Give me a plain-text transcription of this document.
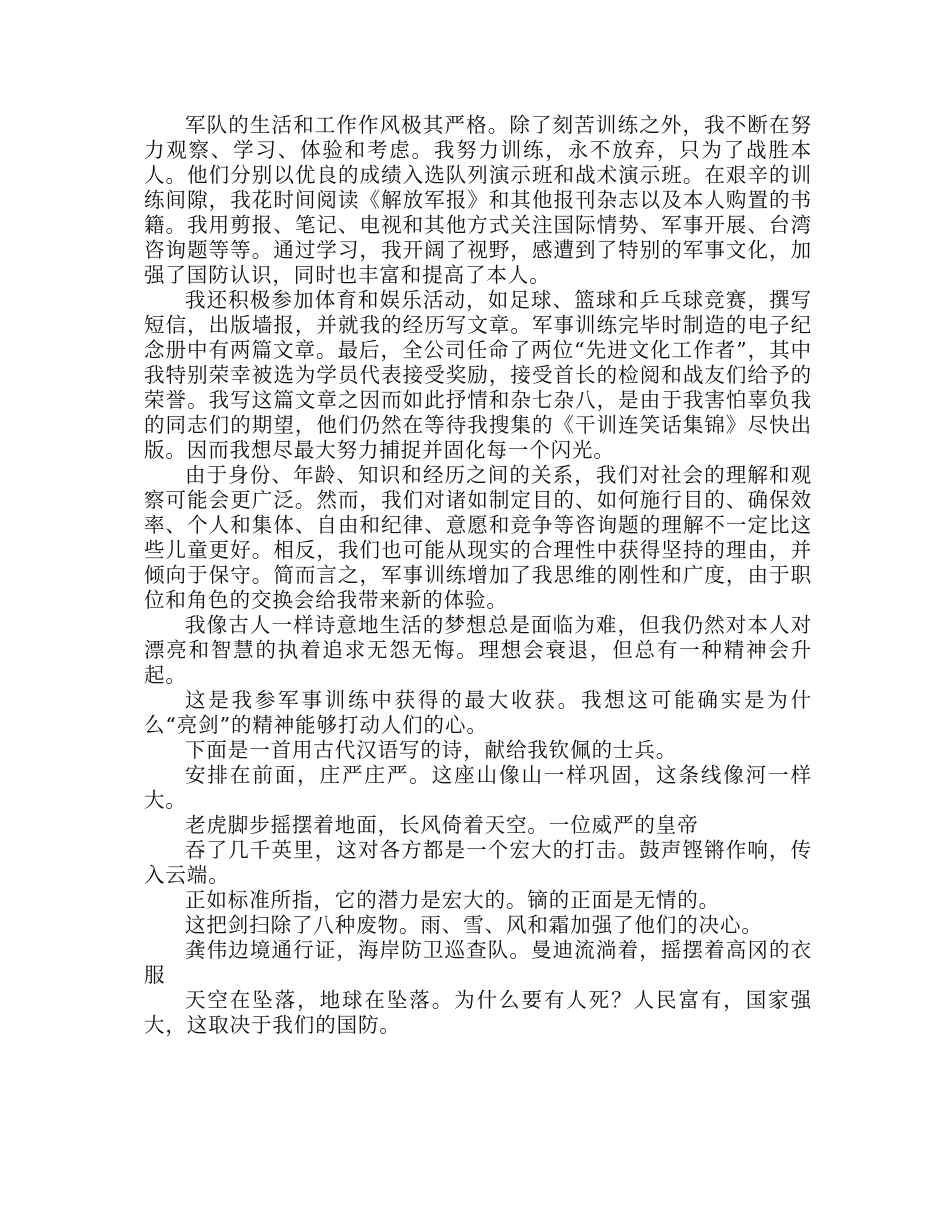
军队的生活和工作作风极其严格。除了刻苦训练之外，我不断在努力观察、学习、体验和考虑。我努力训练，永不放弃，只为了战胜本人。他们分别以优良的成绩入选队列演示班和战术演示班。在艰辛的训练间隙，我花时间阅读《解放军报》和其他报刊杂志以及本人购置的书籍。我用剪报、笔记、电视和其他方式关注国际情势、军事开展、台湾咨询题等等。通过学习，我开阔了视野，感遭到了特别的军事文化，加强了国防认识，同时也丰富和提高了本人。

我还积极参加体育和娱乐活动，如足球、篮球和乒乓球竞赛，撰写短信，出版墙报，并就我的经历写文章。军事训练完毕时制造的电子纪念册中有两篇文章。最后，全公司任命了两位“先进文化工作者”，其中我特别荣幸被选为学员代表接受奖励，接受首长的检阅和战友们给予的荣誉。我写这篇文章之因而如此抒情和杂七杂八，是由于我害怕辜负我的同志们的期望，他们仍然在等待我搜集的《干训连笑话集锦》尽快出版。因而我想尽最大努力捕捉并固化每一个闪光。

由于身份、年龄、知识和经历之间的关系，我们对社会的理解和观察可能会更广泛。然而，我们对诸如制定目的、如何施行目的、确保效率、个人和集体、自由和纪律、意愿和竞争等咨询题的理解不一定比这些儿童更好。相反，我们也可能从现实的合理性中获得坚持的理由，并倾向于保守。简而言之，军事训练增加了我思维的刚性和广度，由于职位和角色的交换会给我带来新的体验。

我像古人一样诗意地生活的梦想总是面临为难，但我仍然对本人对漂亮和智慧的执着追求无怨无悔。理想会衰退，但总有一种精神会升起。

这是我参军事训练中获得的最大收获。我想这可能确实是为什么“亮剑”的精神能够打动人们的心。

下面是一首用古代汉语写的诗，献给我钦佩的士兵。

安排在前面，庄严庄严。这座山像山一样巩固，这条线像河一样大。

老虎脚步摇摆着地面，长风倚着天空。一位威严的皇帝

吞了几千英里，这对各方都是一个宏大的打击。鼓声铿锵作响，传入云端。

正如标准所指，它的潜力是宏大的。镝的正面是无情的。

这把剑扫除了八种废物。雨、雪、风和霜加强了他们的决心。

龚伟边境通行证，海岸防卫巡查队。曼迪流淌着，摇摆着高冈的衣服

天空在坠落，地球在坠落。为什么要有人死？人民富有，国家强大，这取决于我们的国防。
